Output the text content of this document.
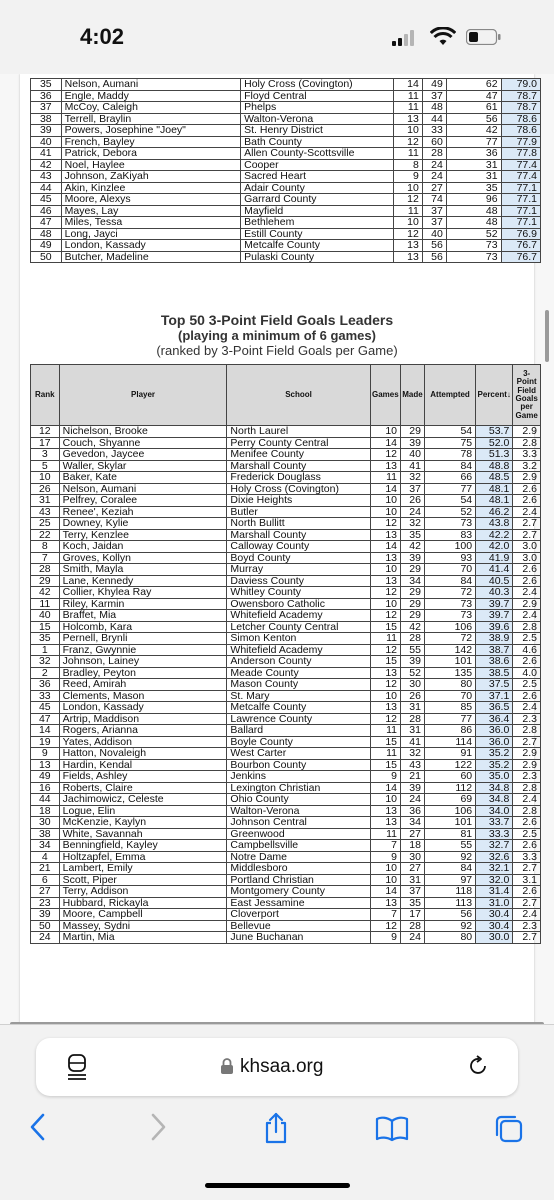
4:02
35	Nelson, Aumani	Holy Cross (Covington)	14	49	62	79.0
36	Engle, Maddy	Floyd Central	11	37	47	78.7
37	McCoy, Caleigh	Phelps	11	48	61	78.7
38	Terrell, Braylin	Walton-Verona	13	44	56	78.6
39	Powers, Josephine "Joey"	St. Henry District	10	33	42	78.6
40	French, Bayley	Bath County	12	60	77	77.9
41	Patrick, Debora	Allen County-Scottsville	11	28	36	77.8
42	Noel, Haylee	Cooper	8	24	31	77.4
43	Johnson, ZaKiyah	Sacred Heart	9	24	31	77.4
44	Akin, Kinzlee	Adair County	10	27	35	77.1
45	Moore, Alexys	Garrard County	12	74	96	77.1
46	Mayes, Lay	Mayfield	11	37	48	77.1
47	Miles, Tessa	Bethlehem	10	37	48	77.1
48	Long, Jayci	Estill County	12	40	52	76.9
49	London, Kassady	Metcalfe County	13	56	73	76.7
50	Butcher, Madeline	Pulaski County	13	56	73	76.7
Top 50 3-Point Field Goals Leaders
(playing a minimum of 6 games)
(ranked by 3-Point Field Goals per Game)
Rank	Player	School	Games	Made	Attempted	Percent↓	3-Point Field Goals per Game
12	Nichelson, Brooke	North Laurel	10	29	54	53.7	2.9
17	Couch, Shyanne	Perry County Central	14	39	75	52.0	2.8
3	Gevedon, Jaycee	Menifee County	12	40	78	51.3	3.3
5	Waller, Skylar	Marshall County	13	41	84	48.8	3.2
10	Baker, Kate	Frederick Douglass	11	32	66	48.5	2.9
26	Nelson, Aumani	Holy Cross (Covington)	14	37	77	48.1	2.6
31	Pelfrey, Coralee	Dixie Heights	10	26	54	48.1	2.6
43	Renee', Keziah	Butler	10	24	52	46.2	2.4
25	Downey, Kylie	North Bullitt	12	32	73	43.8	2.7
22	Terry, Kenzlee	Marshall County	13	35	83	42.2	2.7
8	Koch, Jaidan	Calloway County	14	42	100	42.0	3.0
7	Groves, Kollyn	Boyd County	13	39	93	41.9	3.0
28	Smith, Mayla	Murray	10	29	70	41.4	2.6
29	Lane, Kennedy	Daviess County	13	34	84	40.5	2.6
42	Collier, Khylea Ray	Whitley County	12	29	72	40.3	2.4
11	Riley, Karmin	Owensboro Catholic	10	29	73	39.7	2.9
40	Braffet, Mia	Whitefield Academy	12	29	73	39.7	2.4
15	Holcomb, Kara	Letcher County Central	15	42	106	39.6	2.8
35	Pernell, Brynli	Simon Kenton	11	28	72	38.9	2.5
1	Franz, Gwynnie	Whitefield Academy	12	55	142	38.7	4.6
32	Johnson, Lainey	Anderson County	15	39	101	38.6	2.6
2	Bradley, Peyton	Meade County	13	52	135	38.5	4.0
36	Reed, Amirah	Mason County	12	30	80	37.5	2.5
33	Clements, Mason	St. Mary	10	26	70	37.1	2.6
45	London, Kassady	Metcalfe County	13	31	85	36.5	2.4
47	Artrip, Maddison	Lawrence County	12	28	77	36.4	2.3
14	Rogers, Arianna	Ballard	11	31	86	36.0	2.8
19	Yates, Addison	Boyle County	15	41	114	36.0	2.7
9	Hatton, Novaleigh	West Carter	11	32	91	35.2	2.9
13	Hardin, Kendal	Bourbon County	15	43	122	35.2	2.9
49	Fields, Ashley	Jenkins	9	21	60	35.0	2.3
16	Roberts, Claire	Lexington Christian	14	39	112	34.8	2.8
44	Jachimowicz, Celeste	Ohio County	10	24	69	34.8	2.4
18	Logue, Elin	Walton-Verona	13	36	106	34.0	2.8
30	McKenzie, Kaylyn	Johnson Central	13	34	101	33.7	2.6
38	White, Savannah	Greenwood	11	27	81	33.3	2.5
34	Benningfield, Kayley	Campbellsville	7	18	55	32.7	2.6
4	Holtzapfel, Emma	Notre Dame	9	30	92	32.6	3.3
21	Lambert, Emily	Middlesboro	10	27	84	32.1	2.7
6	Scott, Piper	Portland Christian	10	31	97	32.0	3.1
27	Terry, Addison	Montgomery County	14	37	118	31.4	2.6
23	Hubbard, Rickayla	East Jessamine	13	35	113	31.0	2.7
39	Moore, Campbell	Cloverport	7	17	56	30.4	2.4
50	Massey, Sydni	Bellevue	12	28	92	30.4	2.3
24	Martin, Mia	June Buchanan	9	24	80	30.0	2.7
khsaa.org
